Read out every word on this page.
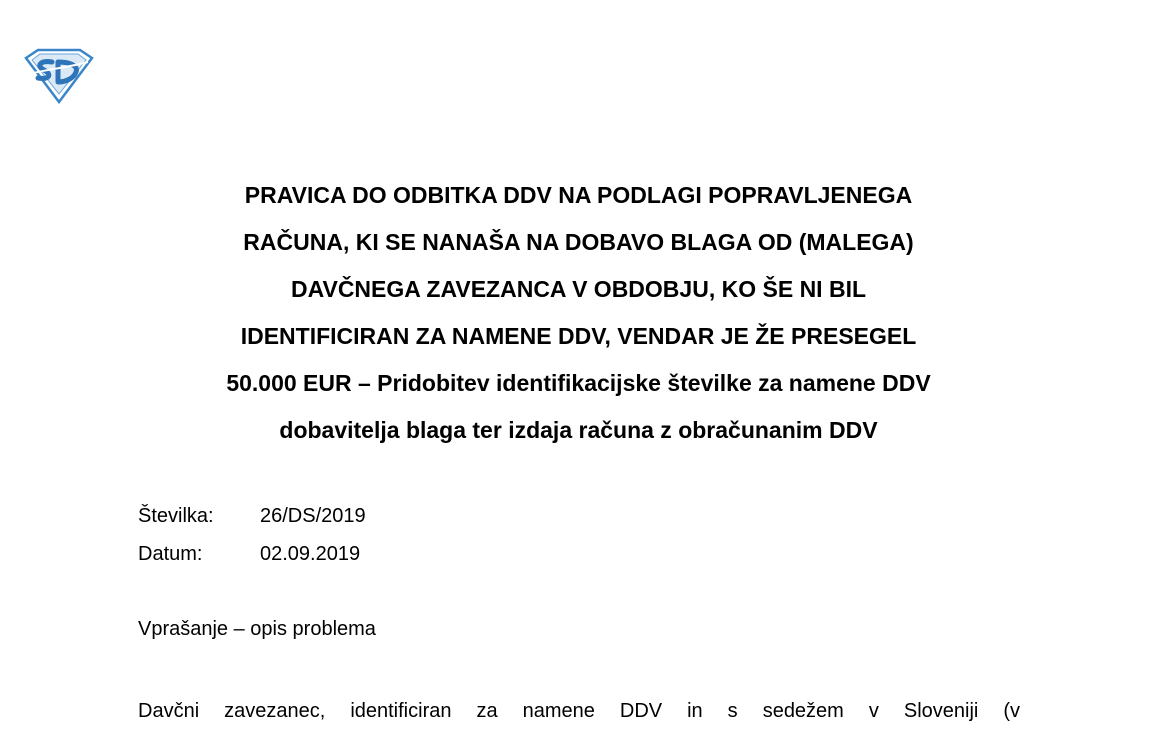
PRAVICA DO ODBITKA DDV NA PODLAGI POPRAVLJENEGA
RAČUNA, KI SE NANAŠA NA DOBAVO BLAGA OD (MALEGA)
DAVČNEGA ZAVEZANCA V OBDOBJU, KO ŠE NI BIL
IDENTIFICIRAN ZA NAMENE DDV, VENDAR JE ŽE PRESEGEL
50.000 EUR – Pridobitev identifikacijske številke za namene DDV
dobavitelja blaga ter izdaja računa z obračunanim DDV
Številka:	26/DS/2019
Datum:	02.09.2019
Vprašanje – opis problema
Davčni zavezanec, identificiran za namene DDV in s sedežem v Sloveniji (v
